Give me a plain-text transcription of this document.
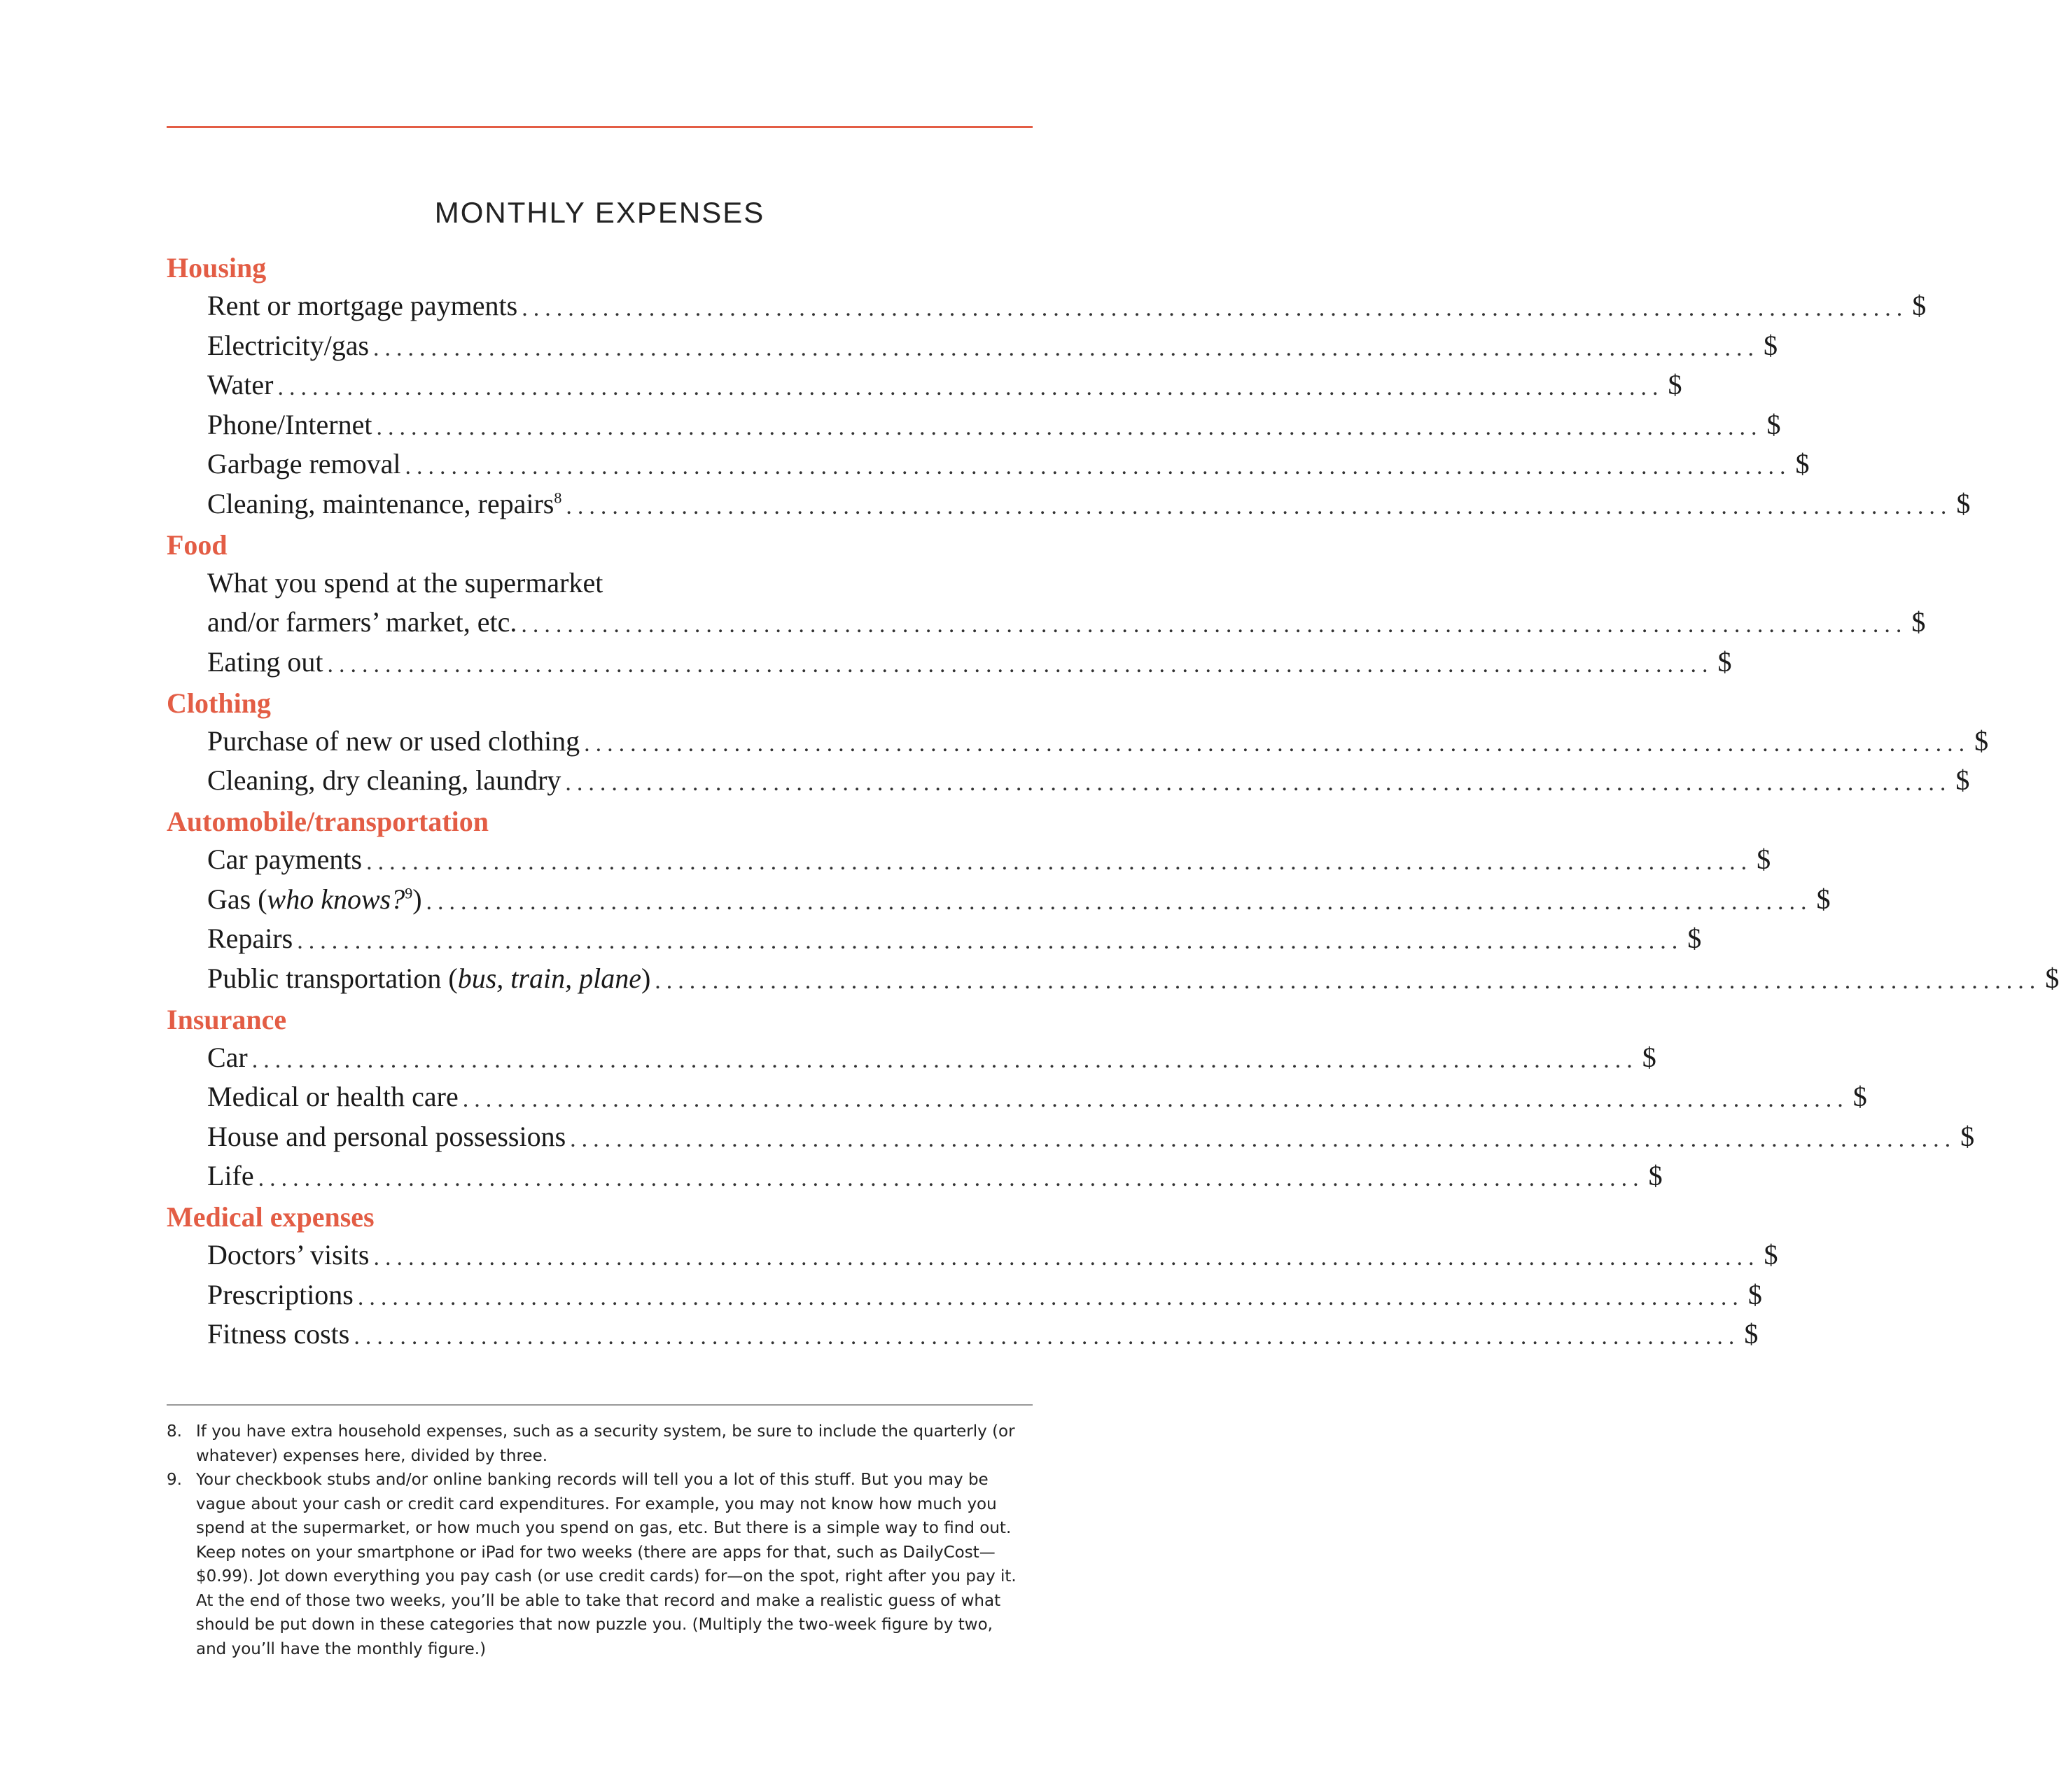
MONTHLY EXPENSES
Housing
Rent or mortgage payments ........................................................................................................................ $
Electricity/gas ........................................................................................................................ $
Water ........................................................................................................................ $
Phone/Internet ........................................................................................................................ $
Garbage removal ........................................................................................................................ $
Cleaning, maintenance, repairs$^8$ ........................................................................................................................ $
Food
What you spend at the supermarket
and/or farmers’ market, etc. ........................................................................................................................ $
Eating out ........................................................................................................................ $
Clothing
Purchase of new or used clothing ........................................................................................................................ $
Cleaning, dry cleaning, laundry ........................................................................................................................ $
Automobile/transportation
Car payments ........................................................................................................................ $
Gas (who knows?$^9$) ........................................................................................................................ $
Repairs ........................................................................................................................ $
Public transportation (bus, train, plane) ........................................................................................................................ $
Insurance
Car ........................................................................................................................ $
Medical or health care ........................................................................................................................ $
House and personal possessions ........................................................................................................................ $
Life ........................................................................................................................ $
Medical expenses
Doctors’ visits ........................................................................................................................ $
Prescriptions ........................................................................................................................ $
Fitness costs ........................................................................................................................ $
8. If you have extra household expenses, such as a security system, be sure to include the quarterly (or whatever) expenses here, divided by three.
9. Your checkbook stubs and/or online banking records will tell you a lot of this stuff. But you may be vague about your cash or credit card expenditures. For example, you may not know how much you spend at the supermarket, or how much you spend on gas, etc. But there is a simple way to find out. Keep notes on your smartphone or iPad for two weeks (there are apps for that, such as DailyCost—$0.99). Jot down everything you pay cash (or use credit cards) for—on the spot, right after you pay it. At the end of those two weeks, you’ll be able to take that record and make a realistic guess of what should be put down in these categories that now puzzle you. (Multiply the two-week figure by two, and you’ll have the monthly figure.)
